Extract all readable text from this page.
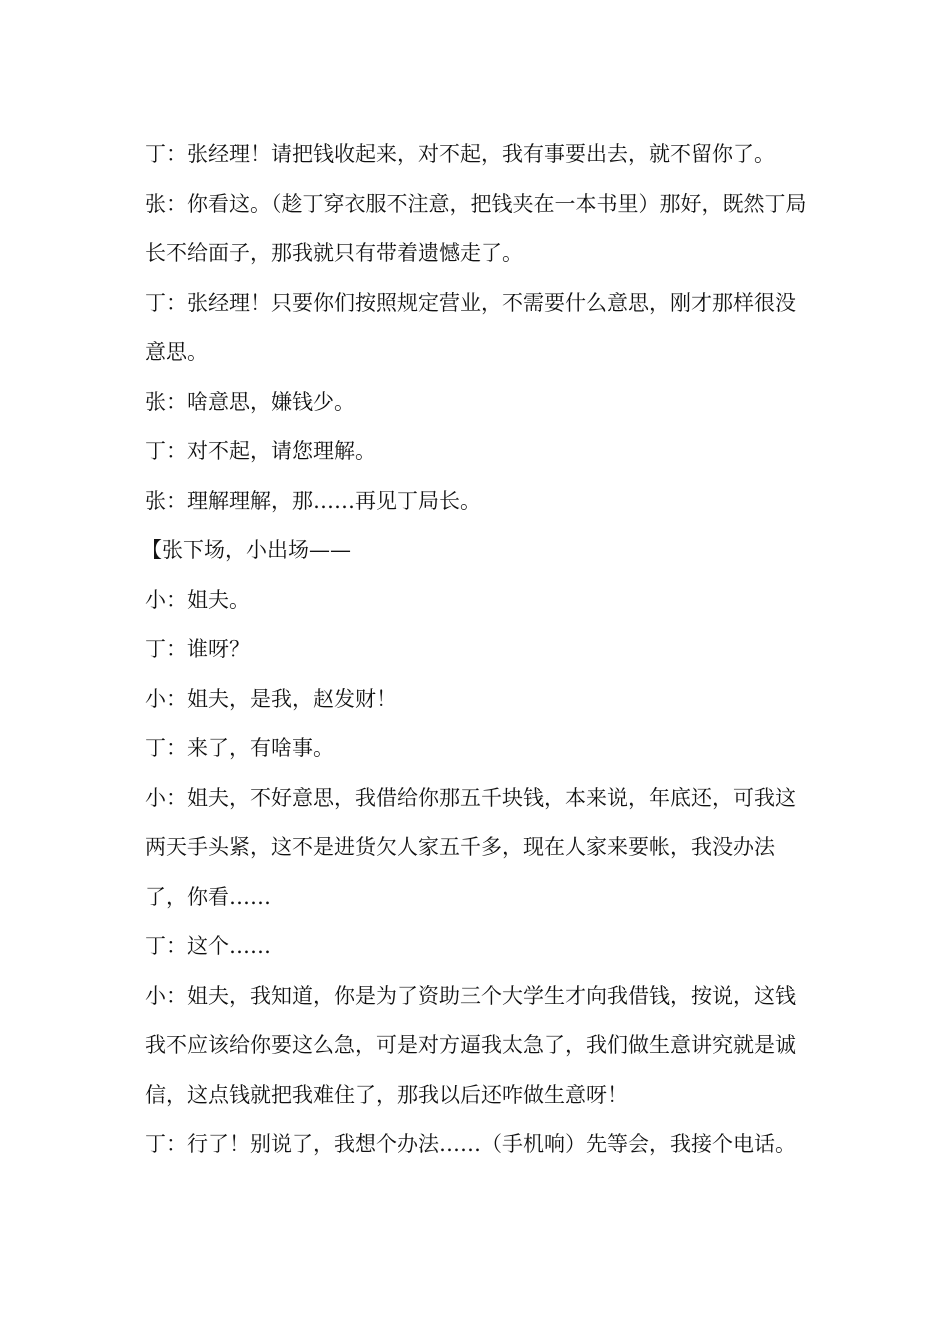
丁：张经理！请把钱收起来，对不起，我有事要出去，就不留你了。

张：你看这。（趁丁穿衣服不注意，把钱夹在一本书里）那好，既然丁局长不给面子，那我就只有带着遗憾走了。

丁：张经理！只要你们按照规定营业，不需要什么意思，刚才那样很没意思。

张：啥意思，嫌钱少。

丁：对不起，请您理解。

张：理解理解，那……再见丁局长。

【张下场，小出场——

小：姐夫。

丁：谁呀？

小：姐夫，是我，赵发财！

丁：来了，有啥事。

小：姐夫，不好意思，我借给你那五千块钱，本来说，年底还，可我这两天手头紧，这不是进货欠人家五千多，现在人家来要帐，我没办法了，你看……

丁：这个……

小：姐夫，我知道，你是为了资助三个大学生才向我借钱，按说，这钱我不应该给你要这么急，可是对方逼我太急了，我们做生意讲究就是诚信，这点钱就把我难住了，那我以后还咋做生意呀！

丁：行了！别说了，我想个办法……（手机响）先等会，我接个电话。
